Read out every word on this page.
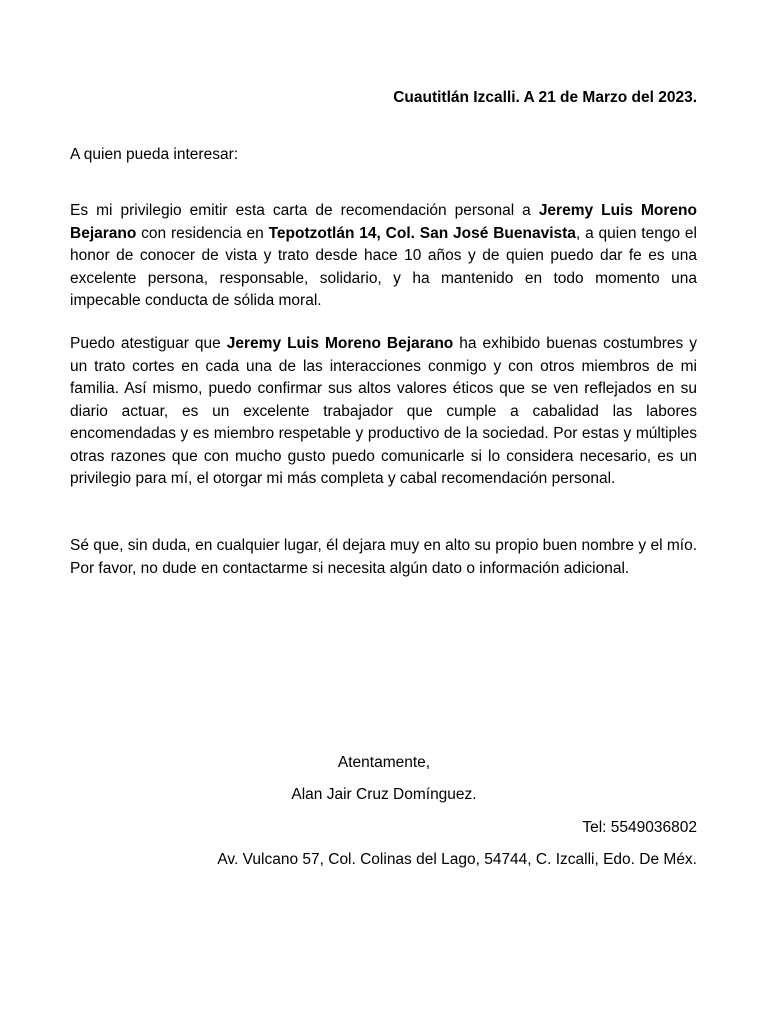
Cuautitlán Izcalli. A 21 de Marzo del 2023.
A quien pueda interesar:

Es mi privilegio emitir esta carta de recomendación personal a Jeremy Luis Moreno Bejarano con residencia en Tepotzotlán 14, Col. San José Buenavista, a quien tengo el honor de conocer de vista y trato desde hace 10 años y de quien puedo dar fe es una excelente persona, responsable, solidario, y ha mantenido en todo momento una impecable conducta de sólida moral.

Puedo atestiguar que Jeremy Luis Moreno Bejarano ha exhibido buenas costumbres y un trato cortes en cada una de las interacciones conmigo y con otros miembros de mi familia. Así mismo, puedo confirmar sus altos valores éticos que se ven reflejados en su diario actuar, es un excelente trabajador que cumple a cabalidad las labores encomendadas y es miembro respetable y productivo de la sociedad. Por estas y múltiples otras razones que con mucho gusto puedo comunicarle si lo considera necesario, es un privilegio para mí, el otorgar mi más completa y cabal recomendación personal.

Sé que, sin duda, en cualquier lugar, él dejara muy en alto su propio buen nombre y el mío. Por favor, no dude en contactarme si necesita algún dato o información adicional.

Atentamente,
Alan Jair Cruz Domínguez.
Tel: 5549036802
Av. Vulcano 57, Col. Colinas del Lago, 54744, C. Izcalli, Edo. De Méx.
